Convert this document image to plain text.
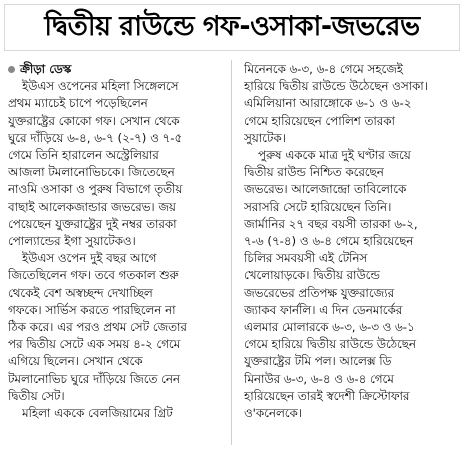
দ্বিতীয় রাউন্ডে গফ-ওসাকা-জভরেভ
ক্রীড়া ডেস্ক
ইউএস ওপেনের মহিলা সিঙ্গেলসে
প্রথম ম্যাচেই চাপে পড়েছিলেন
যুক্তরাষ্ট্রের কোকো গফ। সেখান থেকে
ঘুরে দাঁড়িয়ে ৬-৪, ৬-৭ (২-৭) ও ৭-৫
গেমে তিনি হারালেন অস্ট্রেলিয়ার
আজলা টমলানোভিচকে। জিতেছেন
নাওমি ওসাকা ও পুরুষ বিভাগে তৃতীয়
বাছাই আলেকজান্ডার জভরেভ। জয়
পেয়েছেন যুক্তরাষ্ট্রের দুই নম্বর তারকা
পোল্যান্ডের ইগা সুয়াটেকও।
ইউএস ওপেন দুই বছর আগে
জিতেছিলেন গফ। তবে গতকাল শুরু
থেকেই বেশ অস্বচ্ছন্দ দেখাচ্ছিল
গফকে। সার্ভিস করতে পারছিলেন না
ঠিক করে। এর পরও প্রথম সেট জেতার
পর দ্বিতীয় সেটে এক সময় ৪-২ গেমে
এগিয়ে ছিলেন। সেখান থেকে
টমলানোভিচ ঘুরে দাঁড়িয়ে জিতে নেন
দ্বিতীয় সেট।
মহিলা এককে বেলজিয়ামের গ্রিট
মিনেনকে ৬-৩, ৬-৪ গেমে সহজেই
হারিয়ে দ্বিতীয় রাউন্ডে উঠেছেন ওসাকা।
এমিলিয়ানা আরাঙ্গোকে ৬-১ ও ৬-২
গেমে হারিয়েছেন পোলিশ তারকা
সুয়াটেক।
পুরুষ এককে মাত্র দুই ঘণ্টার জয়ে
দ্বিতীয় রাউন্ড নিশ্চিত করেছেন
জভরেভ। আলেজান্দ্রো তাবিলোকে
সরাসরি সেটে হারিয়েছেন তিনি।
জার্মানির ২৭ বছর বয়সী তারকা ৬-২,
৭-৬ (৭-৪) ও ৬-৪ গেমে হারিয়েছেন
চিলির সমবয়সী এই টেনিস
খেলোয়াড়কে। দ্বিতীয় রাউন্ডে
জভরেভের প্রতিপক্ষ যুক্তরাজ্যের
জ্যাকব ফার্নলি। এ দিন ডেনমার্কের
এলমার মোলারকে ৬-৩, ৬-৩ ও ৬-১
গেমে হারিয়ে দ্বিতীয় রাউন্ডে উঠেছেন
যুক্তরাষ্ট্রের টমি পল। আলেক্স ডি
মিনাউর ৬-৩, ৬-৪ ও ৬-৪ গেমে
হারিয়েছেন তারই স্বদেশী ক্রিস্টোফার
ও'কনেলকে।
